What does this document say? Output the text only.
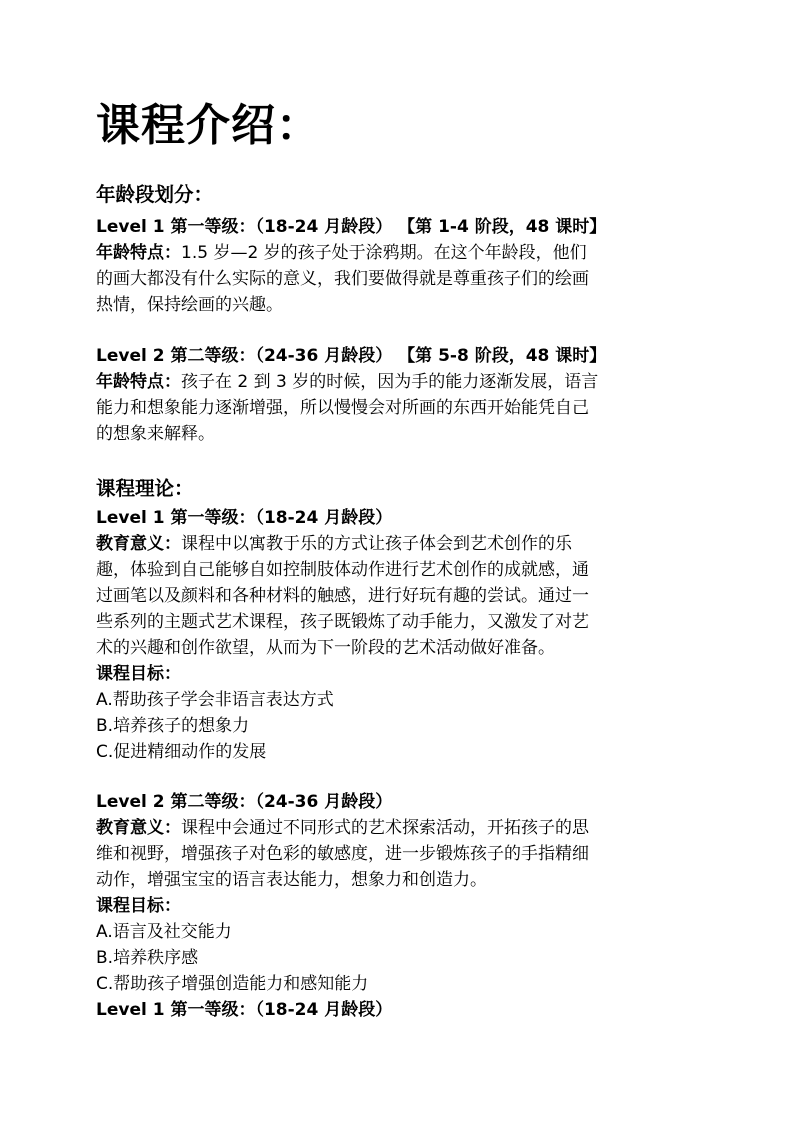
课程介绍：
年龄段划分：

Level 1 第一等级：（18-24 月龄段） 【第 1-4 阶段，48 课时】

年龄特点：1.5 岁—2 岁的孩子处于涂鸦期。在这个年龄段，他们

的画大都没有什么实际的意义，我们要做得就是尊重孩子们的绘画

热情，保持绘画的兴趣。

Level 2 第二等级：（24-36 月龄段） 【第 5-8 阶段，48 课时】

年龄特点：孩子在 2 到 3 岁的时候，因为手的能力逐渐发展，语言

能力和想象能力逐渐增强，所以慢慢会对所画的东西开始能凭自己

的想象来解释。

课程理论：

Level 1 第一等级：（18-24 月龄段）

教育意义：课程中以寓教于乐的方式让孩子体会到艺术创作的乐

趣，体验到自己能够自如控制肢体动作进行艺术创作的成就感，通

过画笔以及颜料和各种材料的触感，进行好玩有趣的尝试。通过一

些系列的主题式艺术课程，孩子既锻炼了动手能力，又激发了对艺

术的兴趣和创作欲望，从而为下一阶段的艺术活动做好准备。

课程目标：

A.帮助孩子学会非语言表达方式

B.培养孩子的想象力

C.促进精细动作的发展

Level 2 第二等级：（24-36 月龄段）

教育意义：课程中会通过不同形式的艺术探索活动，开拓孩子的思

维和视野，增强孩子对色彩的敏感度，进一步锻炼孩子的手指精细

动作，增强宝宝的语言表达能力，想象力和创造力。

课程目标：

A.语言及社交能力

B.培养秩序感

C.帮助孩子增强创造能力和感知能力

Level 1 第一等级：（18-24 月龄段）
